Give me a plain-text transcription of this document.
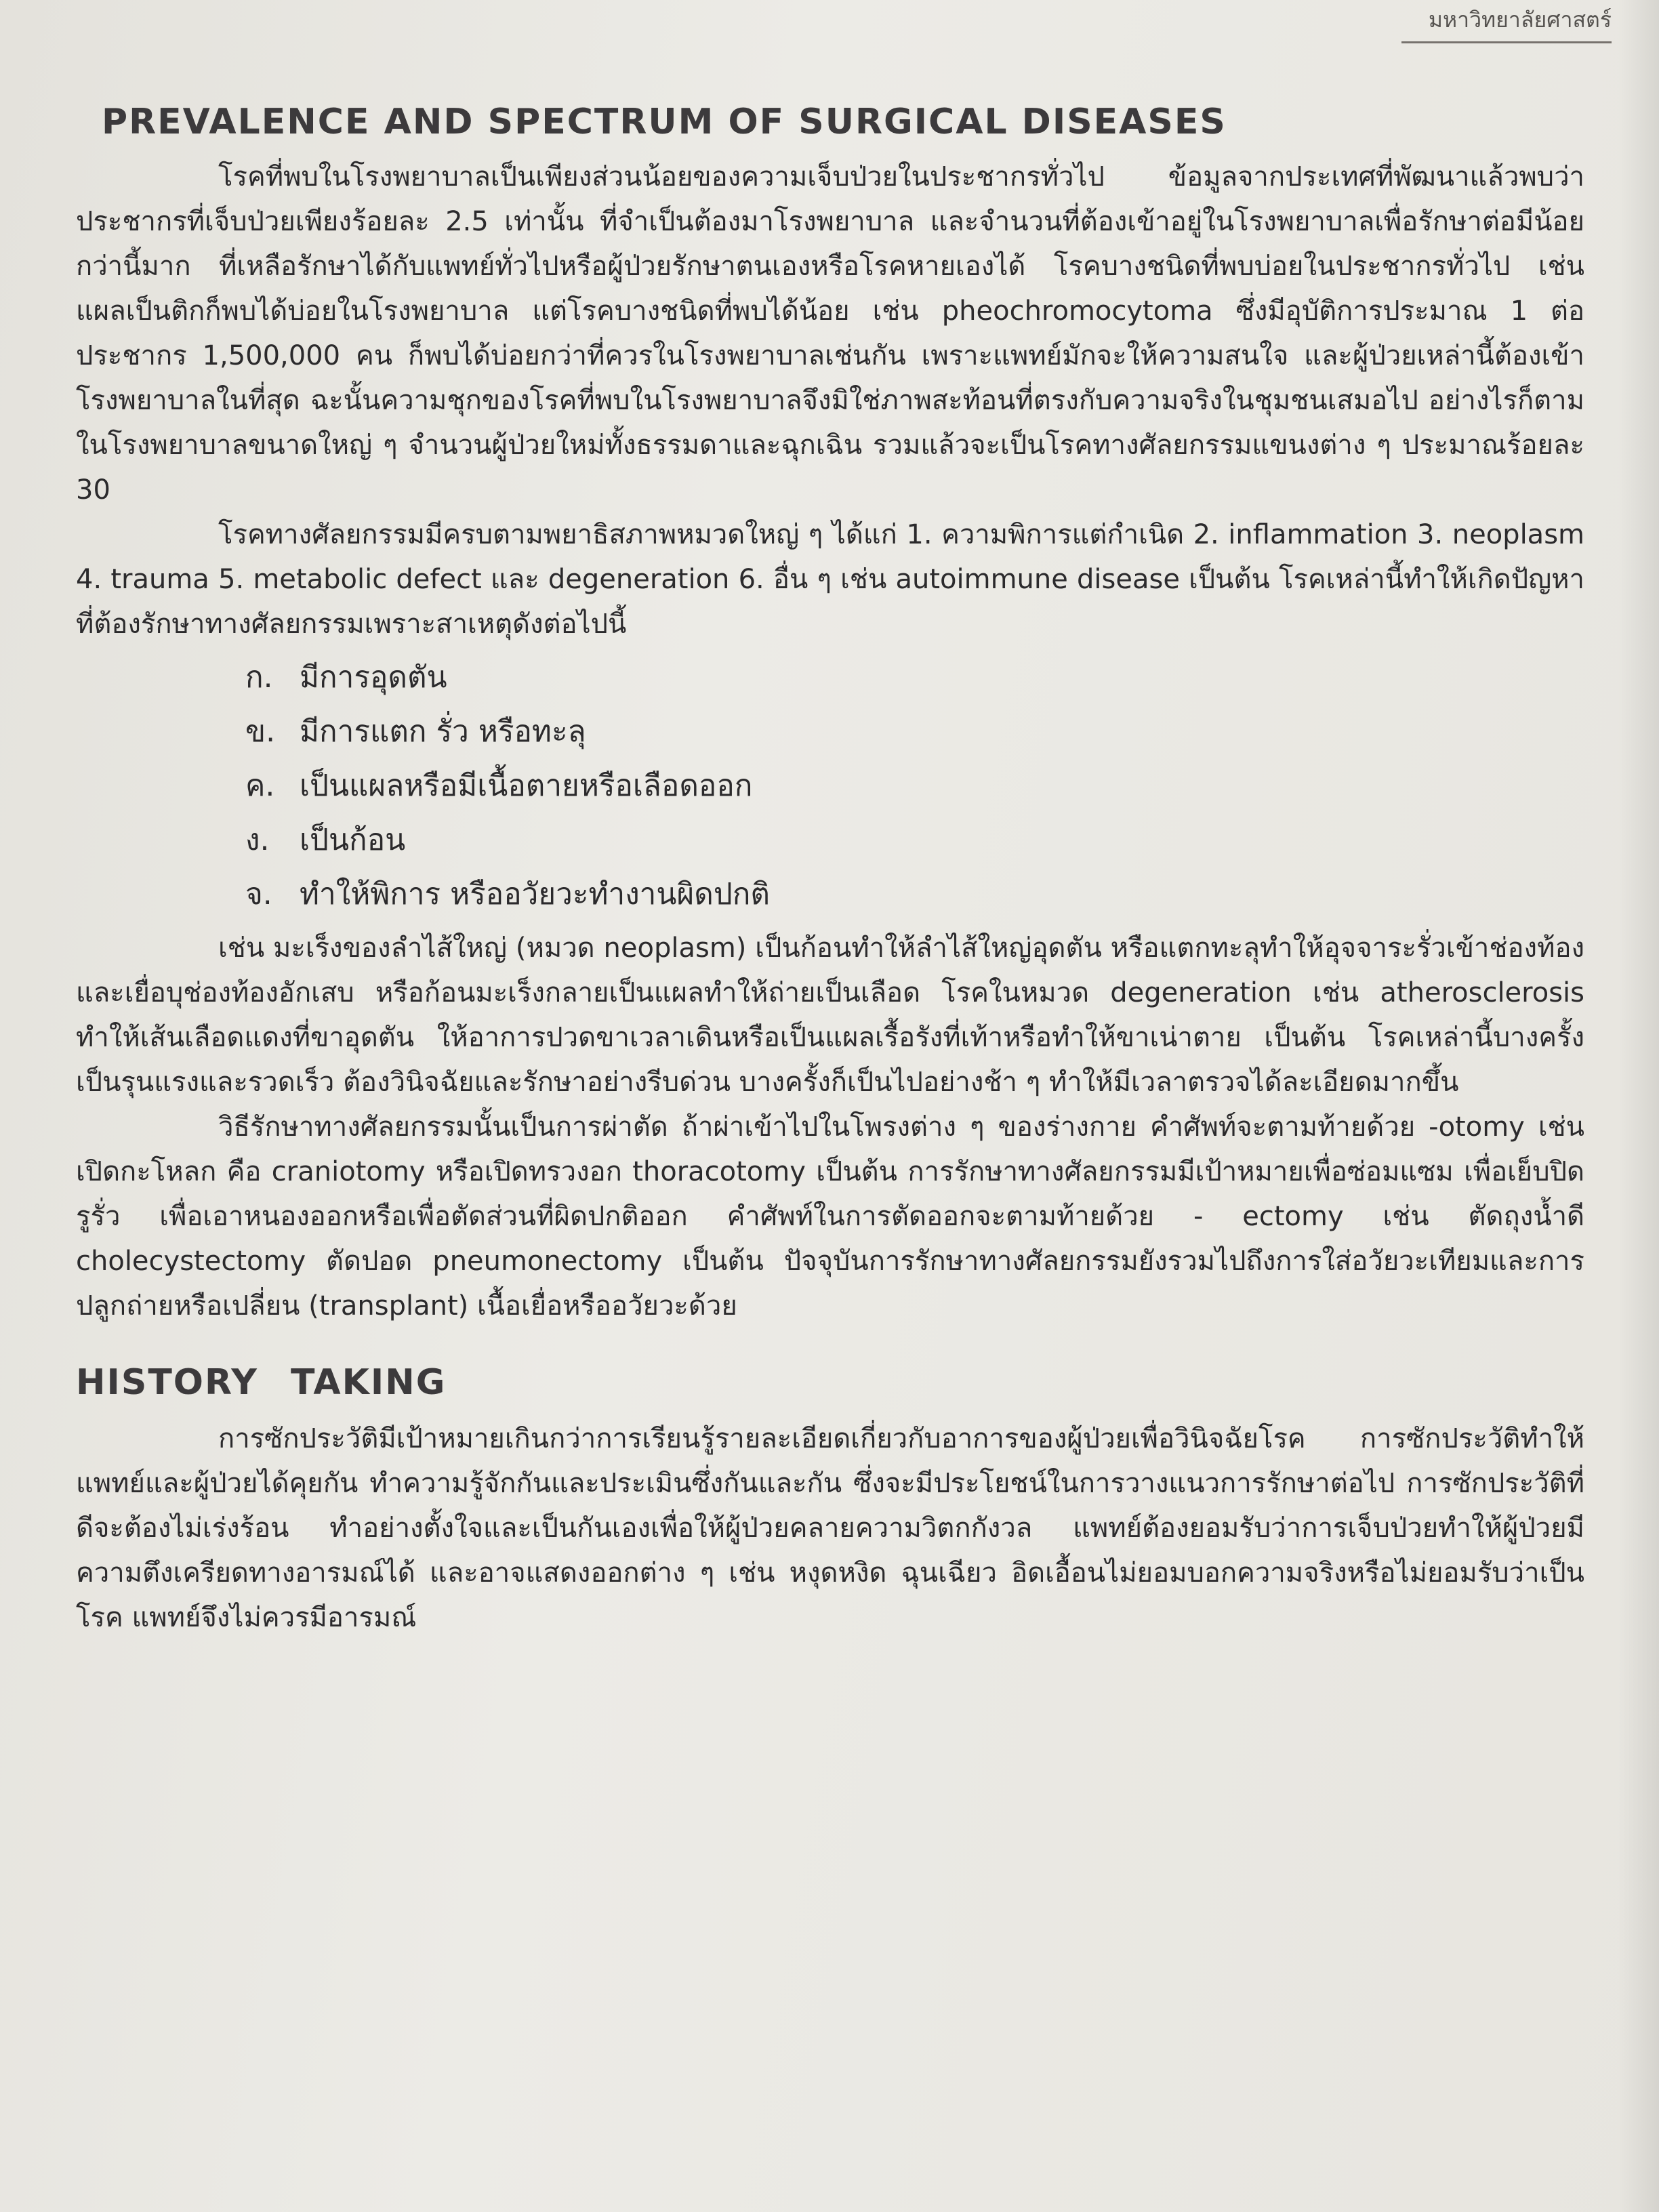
มหาวิทยาลัยศาสตร์
PREVALENCE AND SPECTRUM OF SURGICAL DISEASES

โรคที่พบในโรงพยาบาลเป็นเพียงส่วนน้อยของความเจ็บป่วยในประชากรทั่วไป ข้อมูลจากประเทศที่พัฒนาแล้วพบว่าประชากรที่เจ็บป่วยเพียงร้อยละ 2.5 เท่านั้น ที่จำเป็นต้องมาโรงพยาบาล และจำนวนที่ต้องเข้าอยู่ในโรงพยาบาลเพื่อรักษาต่อมีน้อยกว่านี้มาก ที่เหลือรักษาได้กับแพทย์ทั่วไปหรือผู้ป่วยรักษาตนเองหรือโรคหายเองได้ โรคบางชนิดที่พบบ่อยในประชากรทั่วไป เช่น แผลเป็นติกก็พบได้บ่อยในโรงพยาบาล แต่โรคบางชนิดที่พบได้น้อย เช่น pheochromocytoma ซึ่งมีอุบัติการประมาณ 1 ต่อประชากร 1,500,000 คน ก็พบได้บ่อยกว่าที่ควรในโรงพยาบาลเช่นกัน เพราะแพทย์มักจะให้ความสนใจ และผู้ป่วยเหล่านี้ต้องเข้าโรงพยาบาลในที่สุด ฉะนั้นความชุกของโรคที่พบในโรงพยาบาลจึงมิใช่ภาพสะท้อนที่ตรงกับความจริงในชุมชนเสมอไป อย่างไรก็ตามในโรงพยาบาลขนาดใหญ่ ๆ จำนวนผู้ป่วยใหม่ทั้งธรรมดาและฉุกเฉิน รวมแล้วจะเป็นโรคทางศัลยกรรมแขนงต่าง ๆ ประมาณร้อยละ 30

โรคทางศัลยกรรมมีครบตามพยาธิสภาพหมวดใหญ่ ๆ ได้แก่ 1. ความพิการแต่กำเนิด 2. inflammation 3. neoplasm 4. trauma 5. metabolic defect และ degeneration 6. อื่น ๆ เช่น autoimmune disease เป็นต้น โรคเหล่านี้ทำให้เกิดปัญหาที่ต้องรักษาทางศัลยกรรมเพราะสาเหตุดังต่อไปนี้

ก. มีการอุดตัน
ข. มีการแตก รั่ว หรือทะลุ
ค. เป็นแผลหรือมีเนื้อตายหรือเลือดออก
ง. เป็นก้อน
จ. ทำให้พิการ หรืออวัยวะทำงานผิดปกติ

เช่น มะเร็งของลำไส้ใหญ่ (หมวด neoplasm) เป็นก้อนทำให้ลำไส้ใหญ่อุดตัน หรือแตกทะลุทำให้อุจจาระรั่วเข้าช่องท้องและเยื่อบุช่องท้องอักเสบ หรือก้อนมะเร็งกลายเป็นแผลทำให้ถ่ายเป็นเลือด โรคในหมวด degeneration เช่น atherosclerosis ทำให้เส้นเลือดแดงที่ขาอุดตัน ให้อาการปวดขาเวลาเดินหรือเป็นแผลเรื้อรังที่เท้าหรือทำให้ขาเน่าตาย เป็นต้น โรคเหล่านี้บางครั้งเป็นรุนแรงและรวดเร็ว ต้องวินิจฉัยและรักษาอย่างรีบด่วน บางครั้งก็เป็นไปอย่างช้า ๆ ทำให้มีเวลาตรวจได้ละเอียดมากขึ้น

วิธีรักษาทางศัลยกรรมนั้นเป็นการผ่าตัด ถ้าผ่าเข้าไปในโพรงต่าง ๆ ของร่างกาย คำศัพท์จะตามท้ายด้วย -otomy เช่น เปิดกะโหลก คือ craniotomy หรือเปิดทรวงอก thoracotomy เป็นต้น การรักษาทางศัลยกรรมมีเป้าหมายเพื่อซ่อมแซม เพื่อเย็บปิดรูรั่ว เพื่อเอาหนองออกหรือเพื่อตัดส่วนที่ผิดปกติออก คำศัพท์ในการตัดออกจะตามท้ายด้วย - ectomy เช่น ตัดถุงน้ำดี cholecystectomy ตัดปอด pneumonectomy เป็นต้น ปัจจุบันการรักษาทางศัลยกรรมยังรวมไปถึงการใส่อวัยวะเทียมและการปลูกถ่ายหรือเปลี่ยน (transplant) เนื้อเยื่อหรืออวัยวะด้วย

HISTORY TAKING

การซักประวัติมีเป้าหมายเกินกว่าการเรียนรู้รายละเอียดเกี่ยวกับอาการของผู้ป่วยเพื่อวินิจฉัยโรค การซักประวัติทำให้แพทย์และผู้ป่วยได้คุยกัน ทำความรู้จักกันและประเมินซึ่งกันและกัน ซึ่งจะมีประโยชน์ในการวางแนวการรักษาต่อไป การซักประวัติที่ดีจะต้องไม่เร่งร้อน ทำอย่างตั้งใจและเป็นกันเองเพื่อให้ผู้ป่วยคลายความวิตกกังวล แพทย์ต้องยอมรับว่าการเจ็บป่วยทำให้ผู้ป่วยมีความตึงเครียดทางอารมณ์ได้ และอาจแสดงออกต่าง ๆ เช่น หงุดหงิด ฉุนเฉียว อิดเอื้อนไม่ยอมบอกความจริงหรือไม่ยอมรับว่าเป็นโรค แพทย์จึงไม่ควรมีอารมณ์
